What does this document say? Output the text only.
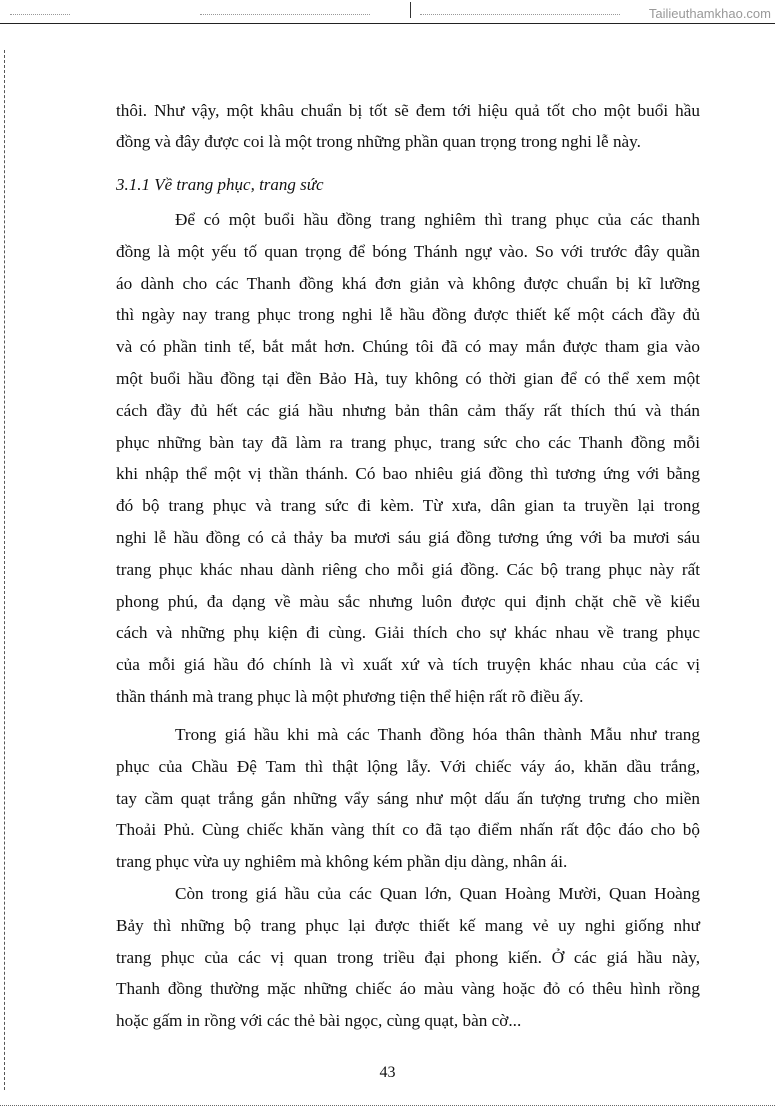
Tailieuthamkhao.com
thôi. Như vậy, một khâu chuẩn bị tốt sẽ đem tới hiệu quả tốt cho một buổi hầu
đồng và đây được coi là một trong những phần quan trọng trong nghi lễ này.
3.1.1 Về trang phục, trang sức
Để có một buổi hầu đồng trang nghiêm thì trang phục của các thanh
đồng là một yếu tố quan trọng để bóng Thánh ngự vào. So với trước đây quần
áo dành cho các Thanh đồng khá đơn giản và không được chuẩn bị kĩ lưỡng
thì ngày nay trang phục trong nghi lễ hầu đồng được thiết kế một cách đầy đủ
và có phần tinh tế, bắt mắt hơn. Chúng tôi đã có may mắn được tham gia vào
một buổi hầu đồng tại đền Bảo Hà, tuy không có thời gian để có thể xem một
cách đầy đủ hết các giá hầu nhưng bản thân cảm thấy rất thích thú và thán
phục những bàn tay đã làm ra trang phục, trang sức cho các Thanh đồng mỗi
khi nhập thể một vị thần thánh. Có bao nhiêu giá đồng thì tương ứng với bằng
đó bộ trang phục và trang sức đi kèm. Từ xưa, dân gian ta truyền lại trong
nghi lễ hầu đồng có cả thảy ba mươi sáu giá đồng tương ứng với ba mươi sáu
trang phục khác nhau dành riêng cho mỗi giá đồng. Các bộ trang phục này rất
phong phú, đa dạng về màu sắc nhưng luôn được qui định chặt chẽ về kiểu
cách và những phụ kiện đi cùng. Giải thích cho sự khác nhau về trang phục
của mỗi giá hầu đó chính là vì xuất xứ và tích truyện khác nhau của các vị
thần thánh mà trang phục là một phương tiện thể hiện rất rõ điều ấy.
Trong giá hầu khi mà các Thanh đồng hóa thân thành Mẫu như trang
phục của Chầu Đệ Tam thì thật lộng lẫy. Với chiếc váy áo, khăn dầu trắng,
tay cầm quạt trắng gắn những vẩy sáng như một dấu ấn tượng trưng cho miền
Thoải Phủ. Cùng chiếc khăn vàng thít co đã tạo điểm nhấn rất độc đáo cho bộ
trang phục vừa uy nghiêm mà không kém phần dịu dàng, nhân ái.
Còn trong giá hầu của các Quan lớn, Quan Hoàng Mười, Quan Hoàng
Bảy thì những bộ trang phục lại được thiết kế mang vẻ uy nghi giống như
trang phục của các vị quan trong triều đại phong kiến. Ở các giá hầu này,
Thanh đồng thường mặc những chiếc áo màu vàng hoặc đỏ có thêu hình rồng
hoặc gấm in rồng với các thẻ bài ngọc, cùng quạt, bàn cờ...
43
